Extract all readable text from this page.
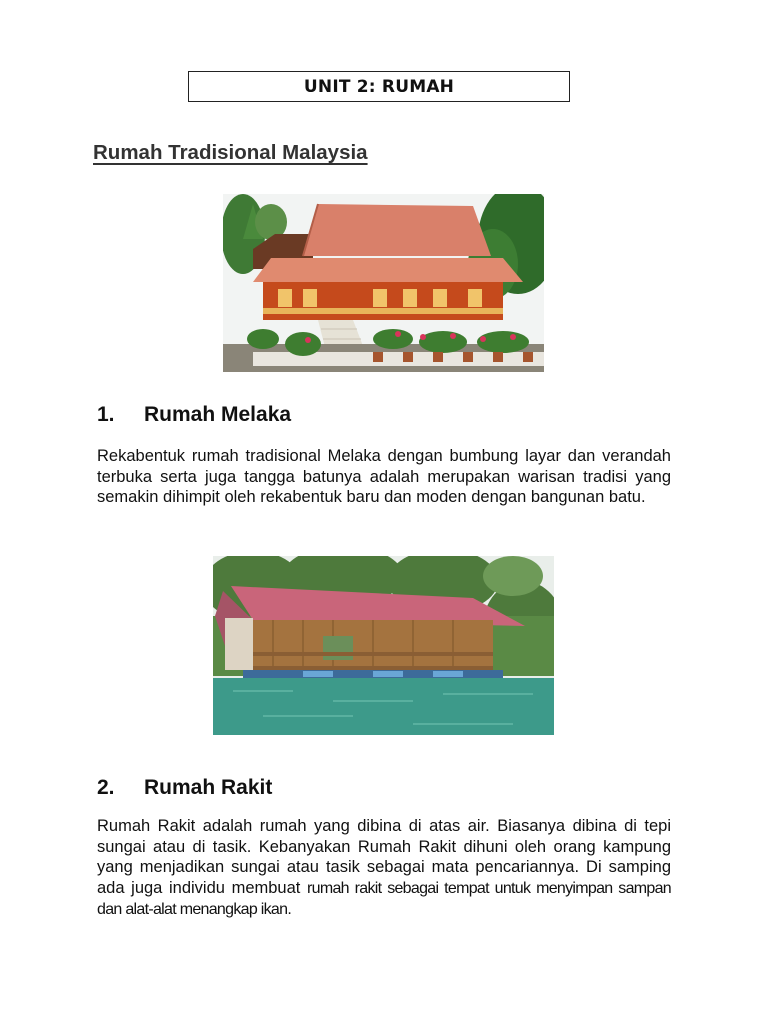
UNIT 2: RUMAH
Rumah Tradisional Malaysia
1.	Rumah Melaka

Rekabentuk rumah tradisional Melaka dengan bumbung layar dan verandah terbuka serta juga tangga batunya adalah merupakan warisan tradisi yang semakin dihimpit oleh rekabentuk baru dan moden dengan bangunan batu.

2.	Rumah Rakit

Rumah Rakit adalah rumah yang dibina di atas air. Biasanya dibina di tepi sungai atau di tasik. Kebanyakan Rumah Rakit dihuni oleh orang kampung yang menjadikan sungai atau tasik sebagai mata pencariannya. Di samping ada juga individu membuat rumah rakit sebagai tempat untuk menyimpan sampan dan alat-alat menangkap ikan.
